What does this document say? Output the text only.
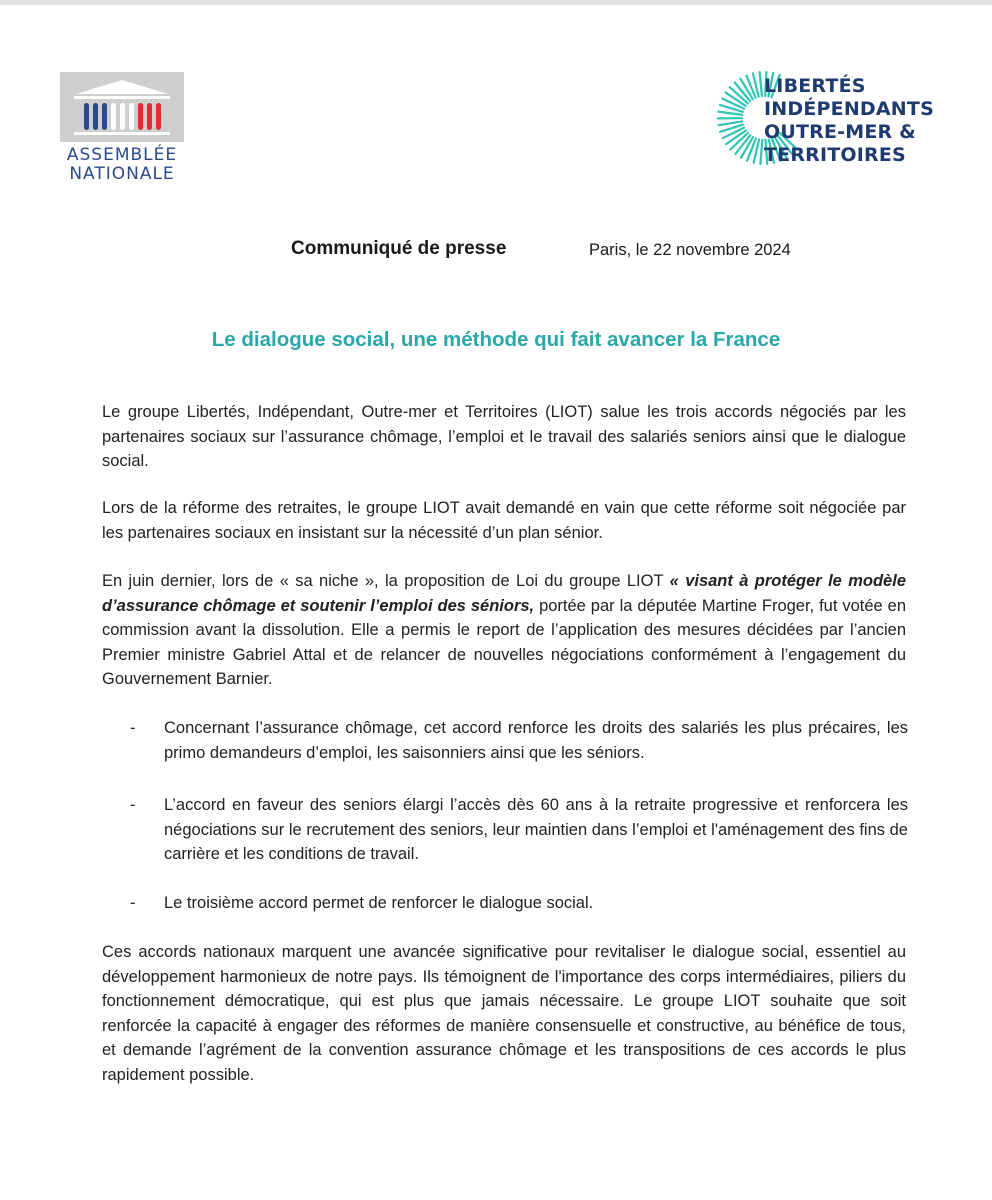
ASSEMBLÉE
NATIONALE
LIBERTÉS
INDÉPENDANTS
OUTRE-MER &
TERRITOIRES
Communiqué de presse	Paris, le 22 novembre 2024
Le dialogue social, une méthode qui fait avancer la France
Le groupe Libertés, Indépendant, Outre-mer et Territoires (LIOT) salue les trois accords négociés par les partenaires sociaux sur l’assurance chômage, l’emploi et le travail des salariés seniors ainsi que le dialogue social.
Lors de la réforme des retraites, le groupe LIOT avait demandé en vain que cette réforme soit négociée par les partenaires sociaux en insistant sur la nécessité d’un plan sénior.
En juin dernier, lors de « sa niche », la proposition de Loi du groupe LIOT « visant à protéger le modèle d’assurance chômage et soutenir l’emploi des séniors, portée par la députée Martine Froger, fut votée en commission avant la dissolution. Elle a permis le report de l’application des mesures décidées par l’ancien Premier ministre Gabriel Attal et de relancer de nouvelles négociations conformément à l’engagement du Gouvernement Barnier.
- Concernant l’assurance chômage, cet accord renforce les droits des salariés les plus précaires, les primo demandeurs d’emploi, les saisonniers ainsi que les séniors.
- L’accord en faveur des seniors élargi l’accès dès 60 ans à la retraite progressive et renforcera les négociations sur le recrutement des seniors, leur maintien dans l’emploi et l'aménagement des fins de carrière et les conditions de travail.
- Le troisième accord permet de renforcer le dialogue social.
Ces accords nationaux marquent une avancée significative pour revitaliser le dialogue social, essentiel au développement harmonieux de notre pays. Ils témoignent de l'importance des corps intermédiaires, piliers du fonctionnement démocratique, qui est plus que jamais nécessaire. Le groupe LIOT souhaite que soit renforcée la capacité à engager des réformes de manière consensuelle et constructive, au bénéfice de tous, et demande l’agrément de la convention assurance chômage et les transpositions de ces accords le plus rapidement possible.
